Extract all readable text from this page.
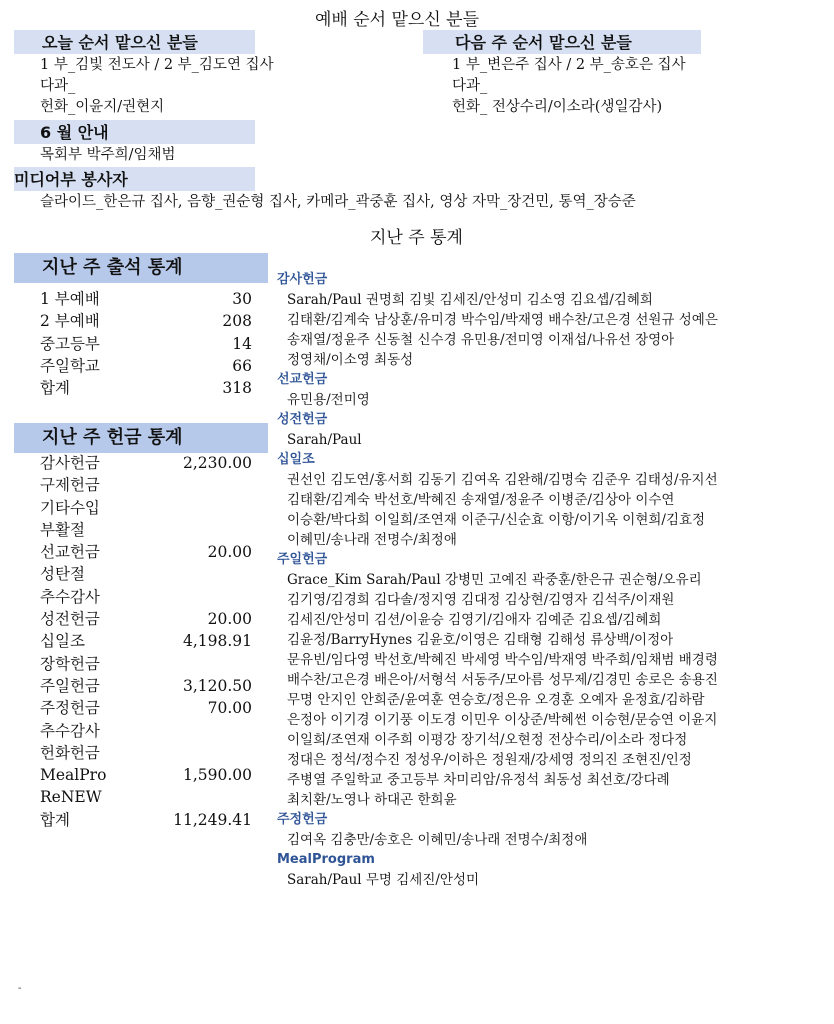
예배 순서 맡으신 분들
오늘 순서 맡으신 분들
1 부_김빛 전도사 / 2 부_김도연 집사
다과_
헌화_이윤지/권현지
다음 주 순서 맡으신 분들
1 부_변은주 집사 / 2 부_송호은 집사
다과_
헌화_ 전상수리/이소라(생일감사)
6 월 안내
목회부 박주희/임채범
미디어부 봉사자
슬라이드_한은규 집사, 음향_권순형 집사, 카메라_곽중훈 집사, 영상 자막_장건민, 통역_장승준
지난 주 통계
지난 주 출석 통계
1 부예배	30
2 부예배	208
중고등부	14
주일학교	66
합계	318
지난 주 헌금 통계
감사헌금	2,230.00
구제헌금
기타수입
부활절
선교헌금	20.00
성탄절
추수감사
성전헌금	20.00
십일조	4,198.91
장학헌금
주일헌금	3,120.50
주정헌금	70.00
추수감사
헌화헌금
MealPro	1,590.00
ReNEW
합계	11,249.41
감사헌금
Sarah/Paul 권명희 김빛 김세진/안성미 김소영 김요셉/김혜희
김태환/김계숙 남상훈/유미경 박수임/박재영 배수찬/고은경 선원규 성예은
송재열/정윤주 신동철 신수경 유민용/전미영 이재섭/나유선 장영아
정영채/이소영 최동성
선교헌금
유민용/전미영
성전헌금
Sarah/Paul
십일조
권선인 김도연/홍서희 김동기 김여옥 김완해/김명숙 김준우 김태성/유지선
김태환/김계숙 박선호/박혜진 송재열/정윤주 이병준/김상아 이수연
이승환/박다희 이일희/조연재 이준구/신순효 이항/이기옥 이현희/김효정
이혜민/송나래 전명수/최정애
주일헌금
Grace_Kim Sarah/Paul 강병민 고예진 곽중훈/한은규 권순형/오유리
김기영/김경희 김다솔/정지영 김대정 김상현/김영자 김석주/이재원
김세진/안성미 김션/이윤승 김영기/김애자 김예준 김요셉/김혜희
김윤정/BarryHynes 김윤호/이영은 김태형 김해성 류상백/이정아
문유빈/임다영 박선호/박혜진 박세영 박수임/박재영 박주희/임채범 배경령
배수찬/고은경 배은아/서형석 서동주/모아름 성무제/김경민 송로은 송용진
무명 안지인 안희준/윤여훈 연승호/정은유 오경훈 오예자 윤정효/김하람
은정아 이기경 이기풍 이도경 이민우 이상준/박혜썬 이승현/문승연 이윤지
이일희/조연재 이주희 이평강 장기석/오현정 전상수리/이소라 정다정
정대은 정석/정수진 정성우/이하은 정원재/강세영 정의진 조현진/인정
주병열 주일학교 중고등부 차미리암/유정석 최동성 최선호/강다례
최치환/노영나 하대곤 한희윤
주정헌금
김여옥 김충만/송호은 이혜민/송나래 전명수/최정애
MealProgram
Sarah/Paul 무명 김세진/안성미
-
